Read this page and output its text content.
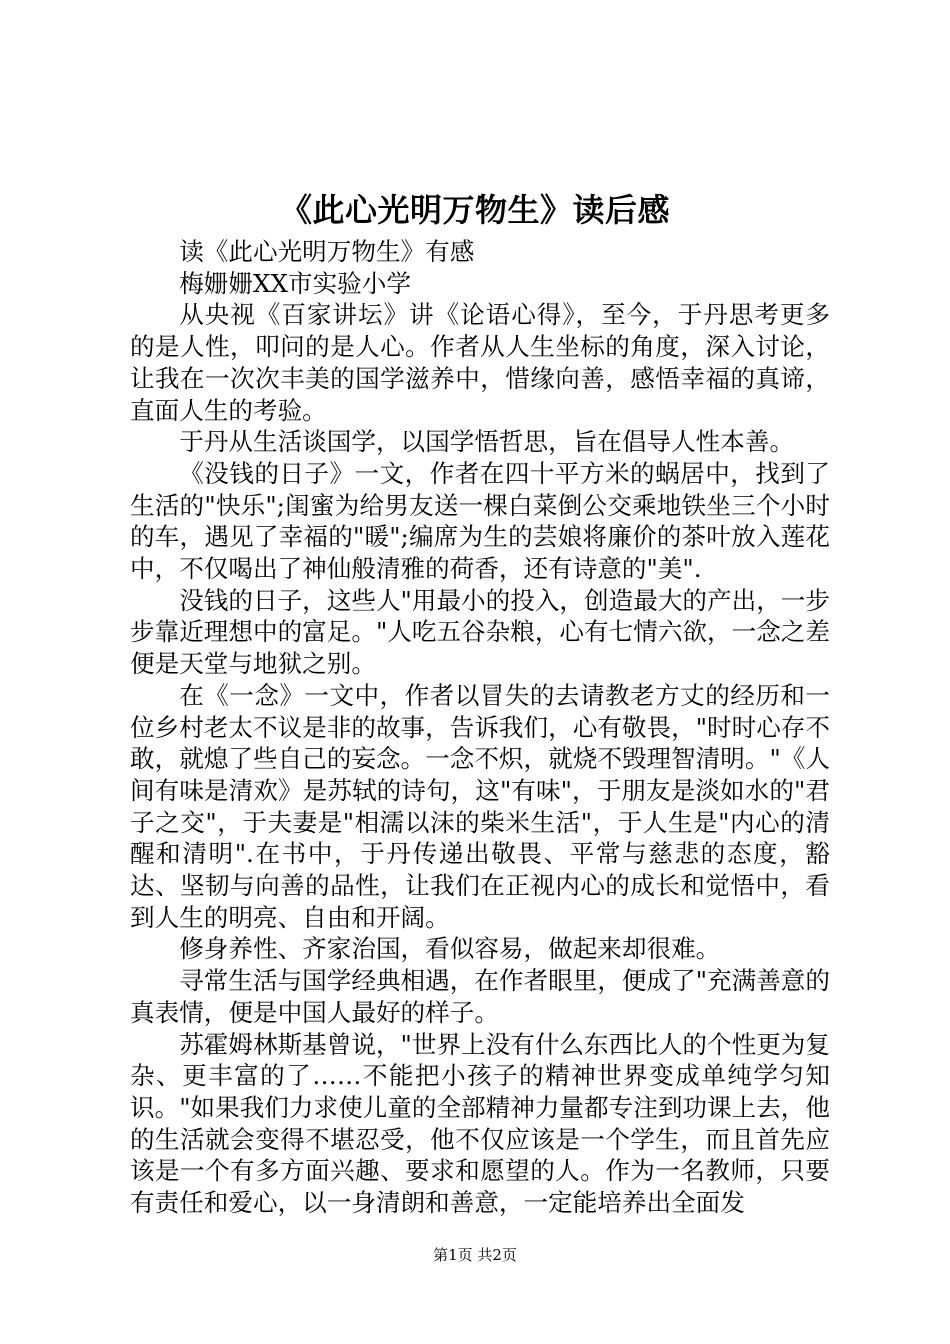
《此心光明万物生》读后感

读《此心光明万物生》有感

梅姗姗XX市实验小学

从央视《百家讲坛》讲《论语心得》，至今，于丹思考更多的是人性，叩问的是人心。作者从人生坐标的角度，深入讨论，让我在一次次丰美的国学滋养中，惜缘向善，感悟幸福的真谛，直面人生的考验。

于丹从生活谈国学，以国学悟哲思，旨在倡导人性本善。

《没钱的日子》一文，作者在四十平方米的蜗居中，找到了生活的"快乐";闺蜜为给男友送一棵白菜倒公交乘地铁坐三个小时的车，遇见了幸福的"暖";编席为生的芸娘将廉价的茶叶放入莲花中，不仅喝出了神仙般清雅的荷香，还有诗意的"美".

没钱的日子，这些人"用最小的投入，创造最大的产出，一步步靠近理想中的富足。"人吃五谷杂粮，心有七情六欲，一念之差便是天堂与地狱之别。

在《一念》一文中，作者以冒失的去请教老方丈的经历和一位乡村老太不议是非的故事，告诉我们，心有敬畏，"时时心存不敢，就熄了些自己的妄念。一念不炽，就烧不毁理智清明。"《人间有味是清欢》是苏轼的诗句，这"有味"，于朋友是淡如水的"君子之交"，于夫妻是"相濡以沫的柴米生活"，于人生是"内心的清醒和清明".在书中，于丹传递出敬畏、平常与慈悲的态度，豁达、坚韧与向善的品性，让我们在正视内心的成长和觉悟中，看到人生的明亮、自由和开阔。

修身养性、齐家治国，看似容易，做起来却很难。

寻常生活与国学经典相遇，在作者眼里，便成了"充满善意的真表情，便是中国人最好的样子。

苏霍姆林斯基曾说，"世界上没有什么东西比人的个性更为复杂、更丰富的了……不能把小孩子的精神世界变成单纯学匀知识。"如果我们力求使儿童的全部精神力量都专注到功课上去，他的生活就会变得不堪忍受，他不仅应该是一个学生，而且首先应该是一个有多方面兴趣、要求和愿望的人。作为一名教师，只要有责任和爱心，以一身清朗和善意，一定能培养出全面发

第1页 共2页
